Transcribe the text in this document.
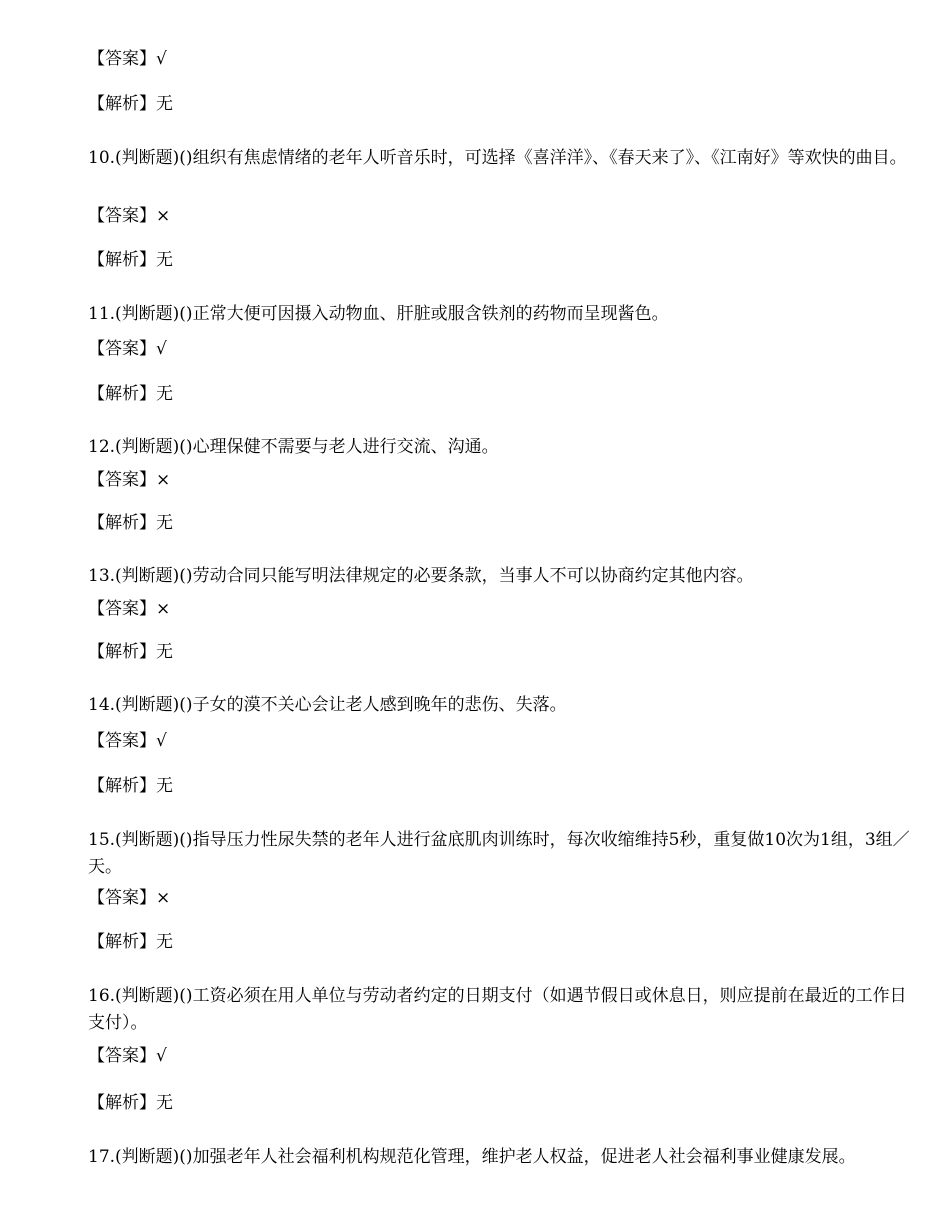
【答案】√
【解析】无
10.(判断题)()组织有焦虑情绪的老年人听音乐时，可选择《喜洋洋》、《春天来了》、《江南好》等欢快的曲目。
【答案】×
【解析】无
11.(判断题)()正常大便可因摄入动物血、肝脏或服含铁剂的药物而呈现酱色。
【答案】√
【解析】无
12.(判断题)()心理保健不需要与老人进行交流、沟通。
【答案】×
【解析】无
13.(判断题)()劳动合同只能写明法律规定的必要条款，当事人不可以协商约定其他内容。
【答案】×
【解析】无
14.(判断题)()子女的漠不关心会让老人感到晚年的悲伤、失落。
【答案】√
【解析】无
15.(判断题)()指导压力性尿失禁的老年人进行盆底肌肉训练时，每次收缩维持5秒，重复做10次为1组，3组／天。
【答案】×
【解析】无
16.(判断题)()工资必须在用人单位与劳动者约定的日期支付（如遇节假日或休息日，则应提前在最近的工作日支付）。
【答案】√
【解析】无
17.(判断题)()加强老年人社会福利机构规范化管理，维护老人权益，促进老人社会福利事业健康发展。
